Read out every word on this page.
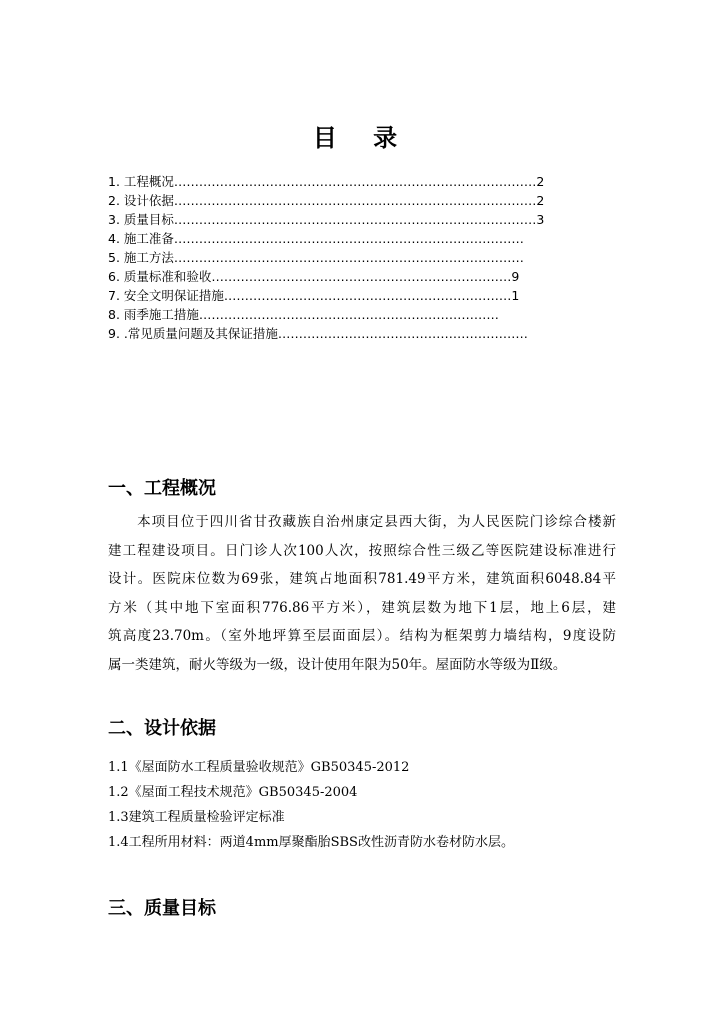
目 录
1. 工程概况 …………………………………………………………………………… 2
2. 设计依据 …………………………………………………………………………… 2
3. 质量目标 …………………………………………………………………………… 3
4. 施工准备 …………………………………………………………………………
5. 施工方法 …………………………………………………………………………
6. 质量标准和验收 ……………………………………………………………… 9
7. 安全文明保证措施 …………………………………………………………… 1
8. 雨季施工措施 ………………………………………………………………
9. .常见质量问题及其保证措施 ……………………………………………………
一、工程概况
　　本项目位于四川省甘孜藏族自治州康定县西大街，为人民医院门诊综合楼新
建工程建设项目。日门诊人次100人次，按照综合性三级乙等医院建设标准进行
设计。医院床位数为69张，建筑占地面积781.49平方米，建筑面积6048.84平
方米（其中地下室面积776.86平方米），建筑层数为地下1层，地上6层，建
筑高度23.70m。（室外地坪算至层面面层）。结构为框架剪力墙结构，9度设防
属一类建筑，耐火等级为一级，设计使用年限为50年。屋面防水等级为Ⅱ级。
二、设计依据
1.1《屋面防水工程质量验收规范》GB50345-2012
1.2《屋面工程技术规范》GB50345-2004
1.3建筑工程质量检验评定标准
1.4工程所用材料：两道4mm厚聚酯胎SBS改性沥青防水卷材防水层。
三、质量目标
